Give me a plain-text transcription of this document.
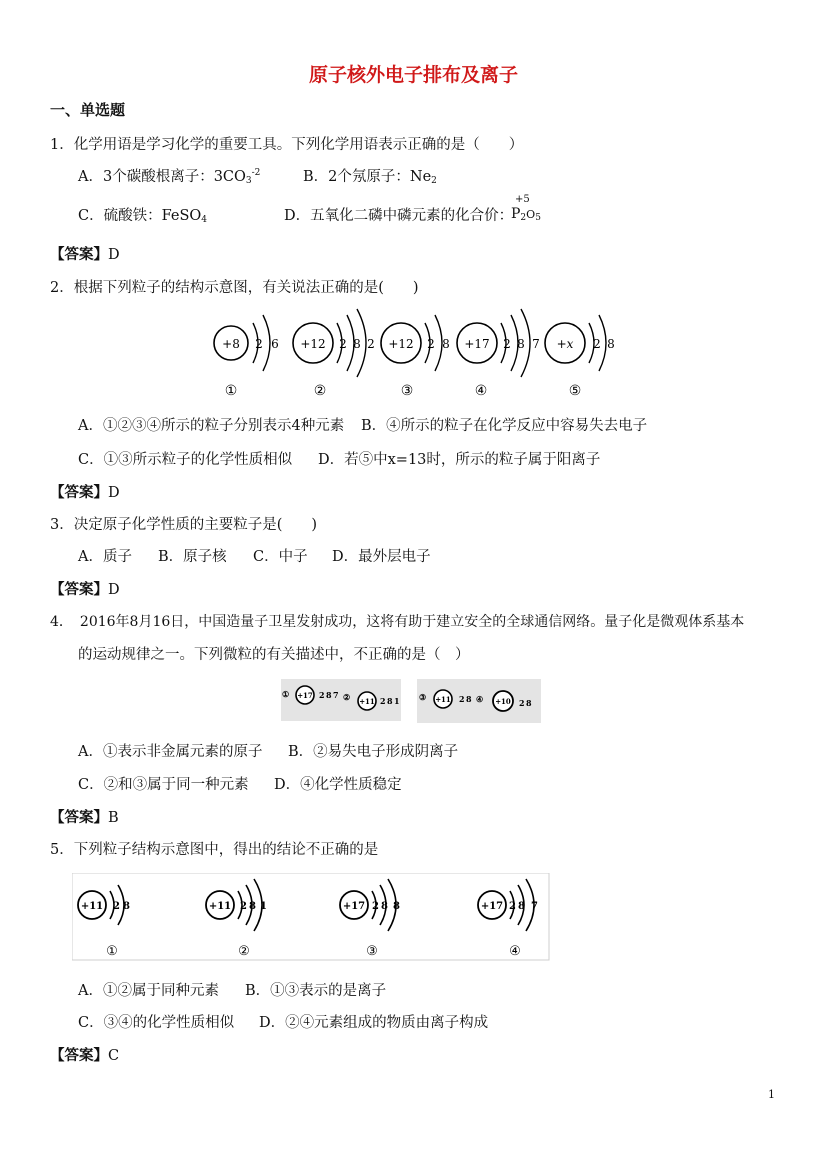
原子核外电子排布及离子
一、单选题
1．化学用语是学习化学的重要工具。下列化学用语表示正确的是（　　）
A．3个碳酸根离子：$3CO_3^{-2}$	B．2个氖原子：$Ne_2$
C．硫酸铁：FeSO$_4$	D．五氧化二磷中磷元素的化合价：
+5
$P_2O_5$
【答案】D
2．根据下列粒子的结构示意图，有关说法正确的是(　　)
+8 2 6
①
+12 2 8 2
②
+12 2 8
③
+17 2 8 7
④
+x 2 8
⑤
A．①②③④所示的粒子分别表示4种元素 B．④所示的粒子在化学反应中容易失去电子
C．①③所示粒子的化学性质相似 D．若⑤中x=13时，所示的粒子属于阳离子
【答案】D
3．决定原子化学性质的主要粒子是(　　)
A．质子 B．原子核 C．中子 D．最外层电子
【答案】D
4．　2016年8月16日，中国造量子卫星发射成功，这将有助于建立安全的全球通信网络。量子化是微观体系基本
的运动规律之一。下列微粒的有关描述中，不正确的是（　）
① +17 2 8 7 ② +11 2 8 1 ③ +11 2 8 ④ +10 2 8
A．①表示非金属元素的原子 B．②易失电子形成阴离子
C．②和③属于同一种元素 D．④化学性质稳定
【答案】B
5．下列粒子结构示意图中，得出的结论不正确的是
+11 2 8
①
+11 2 8 1
②
+17 2 8 8
③
+17 2 8 7
④
A．①②属于同种元素 B．①③表示的是离子
C．③④的化学性质相似 D．②④元素组成的物质由离子构成
【答案】C
1
